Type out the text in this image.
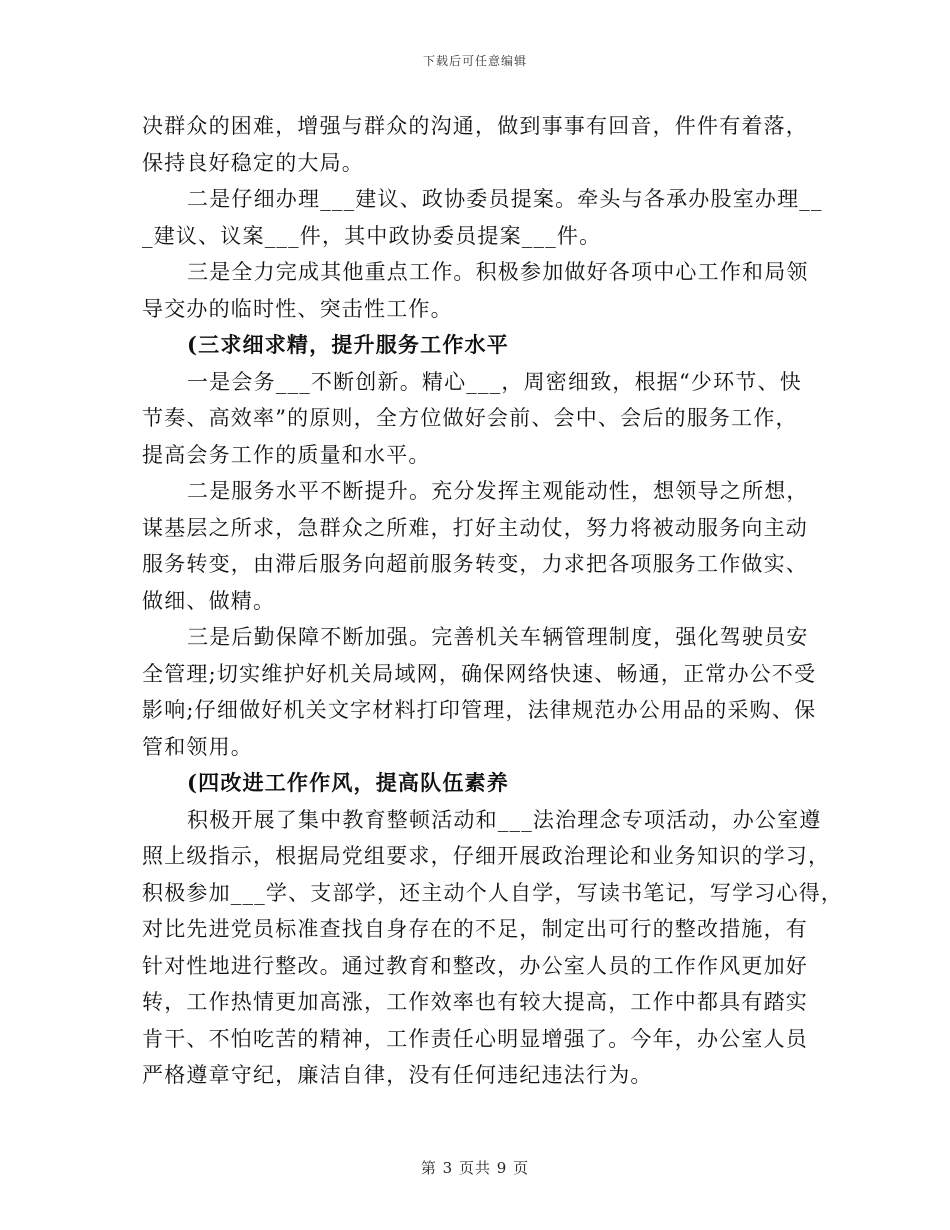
下载后可任意编辑
决群众的困难，增强与群众的沟通，做到事事有回音，件件有着落，
保持良好稳定的大局。
二是仔细办理___建议、政协委员提案。牵头与各承办股室办理__
_建议、议案___件，其中政协委员提案___件。
三是全力完成其他重点工作。积极参加做好各项中心工作和局领
导交办的临时性、突击性工作。
(三求细求精，提升服务工作水平
一是会务___不断创新。精心___，周密细致，根据“少环节、快
节奏、高效率”的原则，全方位做好会前、会中、会后的服务工作，
提高会务工作的质量和水平。
二是服务水平不断提升。充分发挥主观能动性，想领导之所想，
谋基层之所求，急群众之所难，打好主动仗，努力将被动服务向主动
服务转变，由滞后服务向超前服务转变，力求把各项服务工作做实、
做细、做精。
三是后勤保障不断加强。完善机关车辆管理制度，强化驾驶员安
全管理;切实维护好机关局域网，确保网络快速、畅通，正常办公不受
影响;仔细做好机关文字材料打印管理，法律规范办公用品的采购、保
管和领用。
(四改进工作作风，提高队伍素养
积极开展了集中教育整顿活动和___法治理念专项活动，办公室遵
照上级指示，根据局党组要求，仔细开展政治理论和业务知识的学习，
积极参加___学、支部学，还主动个人自学，写读书笔记，写学习心得，
对比先进党员标准查找自身存在的不足，制定出可行的整改措施，有
针对性地进行整改。通过教育和整改，办公室人员的工作作风更加好
转，工作热情更加高涨，工作效率也有较大提高，工作中都具有踏实
肯干、不怕吃苦的精神，工作责任心明显增强了。今年，办公室人员
严格遵章守纪，廉洁自律，没有任何违纪违法行为。
第 3 页共 9 页
